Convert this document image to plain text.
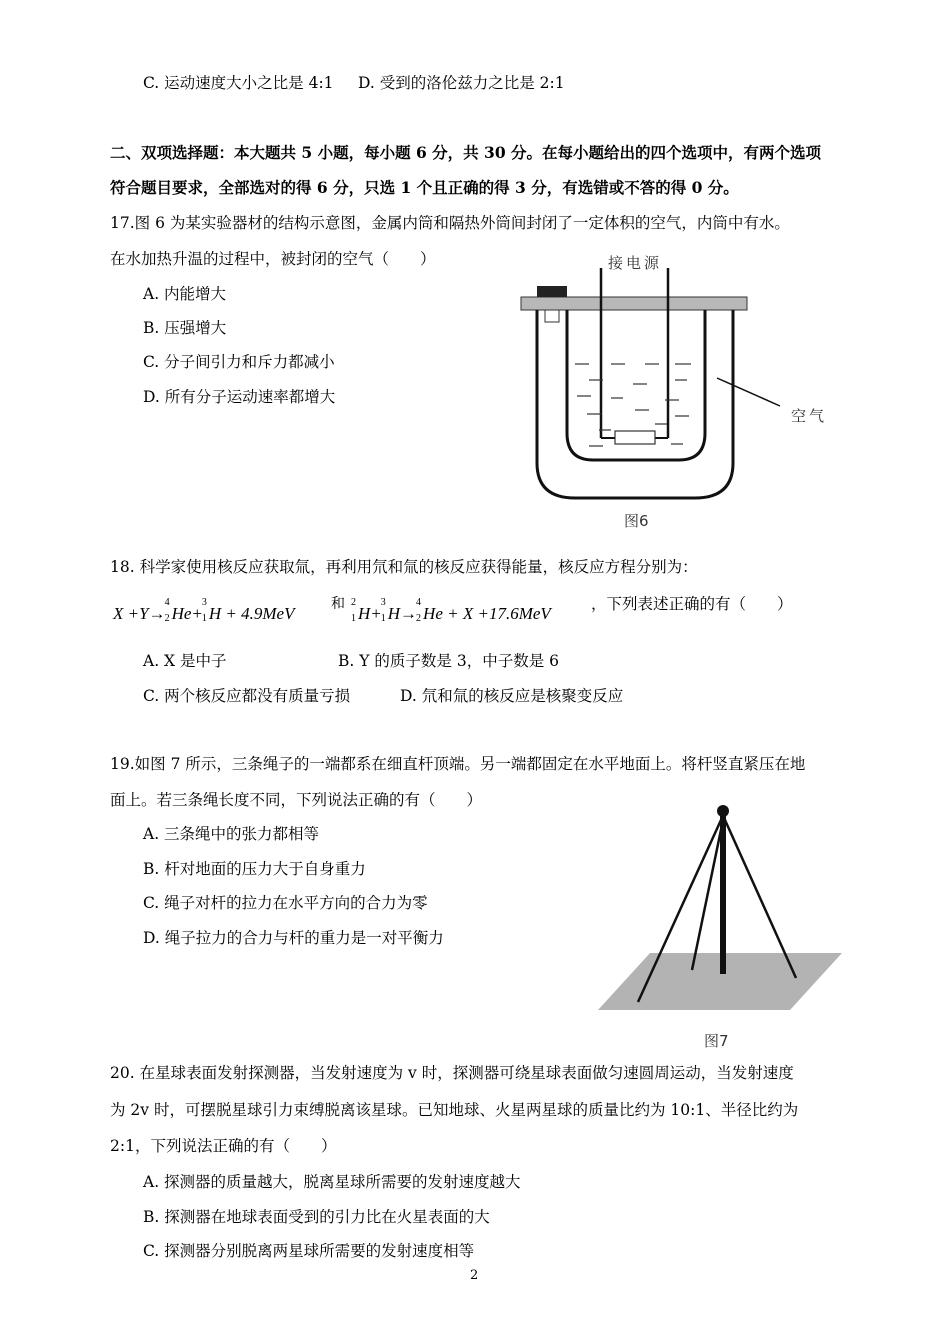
C. 运动速度大小之比是 4:1 D. 受到的洛伦兹力之比是 2:1
二、双项选择题：本大题共 5 小题，每小题 6 分，共 30 分。在每小题给出的四个选项中，有两个选项
符合题目要求，全部选对的得 6 分，只选 1 个且正确的得 3 分，有选错或不答的得 0 分。
17.图 6 为某实验器材的结构示意图，金属内筒和隔热外筒间封闭了一定体积的空气，内筒中有水。
在水加热升温的过程中，被封闭的空气（　　）
A. 内能增大
B. 压强增大
C. 分子间引力和斥力都减小
D. 所有分子运动速率都增大
接电源
空气
图6
18. 科学家使用核反应获取氚，再利用氘和氚的核反应获得能量，核反应方程分别为：
X +Y→
4
2 He+
3
1 H + 4.9MeV	和 2
1 H+
3
1 H→
4
2 He + X +17.6MeV	，下列表述正确的有（　　）
A. X 是中子	B. Y 的质子数是 3，中子数是 6
C. 两个核反应都没有质量亏损	D. 氘和氚的核反应是核聚变反应
19.如图 7 所示，三条绳子的一端都系在细直杆顶端。另一端都固定在水平地面上。将杆竖直紧压在地
面上。若三条绳长度不同，下列说法正确的有（　　）
A. 三条绳中的张力都相等
B. 杆对地面的压力大于自身重力
C. 绳子对杆的拉力在水平方向的合力为零
D. 绳子拉力的合力与杆的重力是一对平衡力
图7
20. 在星球表面发射探测器，当发射速度为 v 时，探测器可绕星球表面做匀速圆周运动，当发射速度
为 2v 时，可摆脱星球引力束缚脱离该星球。已知地球、火星两星球的质量比约为 10:1、半径比约为
2:1，下列说法正确的有（　　）
A. 探测器的质量越大，脱离星球所需要的发射速度越大
B. 探测器在地球表面受到的引力比在火星表面的大
C. 探测器分别脱离两星球所需要的发射速度相等
2
